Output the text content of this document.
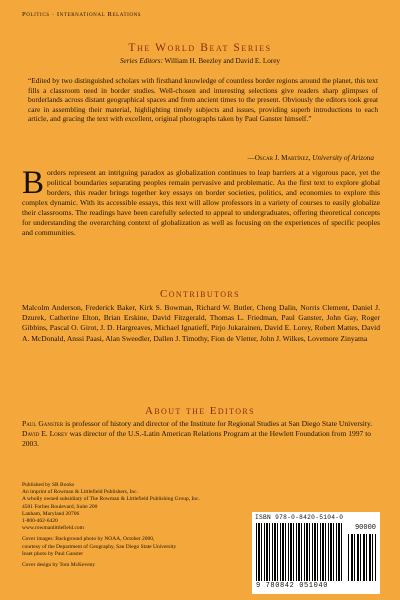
Politics · International Relations
The World Beat Series
Series Editors: William H. Beezley and David E. Lorey
“Edited by two distinguished scholars with firsthand knowledge of countless border regions around the planet, this text fills a classroom need in border studies. Well-chosen and interesting selections give readers sharp glimpses of borderlands across distant geographical spaces and from ancient times to the present. Obviously the editors took great care in assembling their material, highlighting timely subjects and issues, providing superb introductions to each article, and gracing the text with excellent, original photographs taken by Paul Ganster himself.”
—Oscar J. Martínez, University of Arizona
Borders represent an intriguing paradox as globalization continues to leap barriers at a vigorous pace, yet the political boundaries separating peoples remain pervasive and problematic. As the first text to explore global borders, this reader brings together key essays on border societies, politics, and economies to explore this complex dynamic. With its accessible essays, this text will allow professors in a variety of courses to easily globalize their classrooms. The readings have been carefully selected to appeal to undergraduates, offering theoretical concepts for understanding the overarching context of globalization as well as focusing on the experiences of specific peoples and communities.
Contributors
Malcolm Anderson, Frederick Baker, Kirk S. Bowman, Richard W. Butler, Cheng Dalin, Norris Clement, Daniel J. Dzurek, Catherine Elton, Brian Erskine, David Fitzgerald, Thomas L. Friedman, Paul Ganster, John Gay, Roger Gibbins, Pascal O. Girot, J. D. Hargreaves, Michael Ignatieff, Pirjo Jukarainen, David E. Lorey, Robert Mattes, David A. McDonald, Anssi Paasi, Alan Sweedler, Dallen J. Timothy, Fion de Vletter, John J. Wilkes, Lovemore Zinyama
About the Editors
Paul Ganster is professor of history and director of the Institute for Regional Studies at San Diego State University.
David E. Lorey was director of the U.S.-Latin American Relations Program at the Hewlett Foundation from 1997 to 2003.
Published by SR Books
An imprint of Rowman & Littlefield Publishers, Inc.
A wholly owned subsidiary of The Rowman & Littlefield Publishing Group, Inc.
4501 Forbes Boulevard, Suite 200
Lanham, Maryland 20706
1-800-462-6420
www.rowmanlittlefield.com
Cover images: Background photo by NOAA, October 2000,
courtesy of the Department of Geography, San Diego State University
Inset photo by Paul Ganster
Cover design by Tom McKeveny
ISBN 978-0-8420-5104-0
90000
9 780842 051040
